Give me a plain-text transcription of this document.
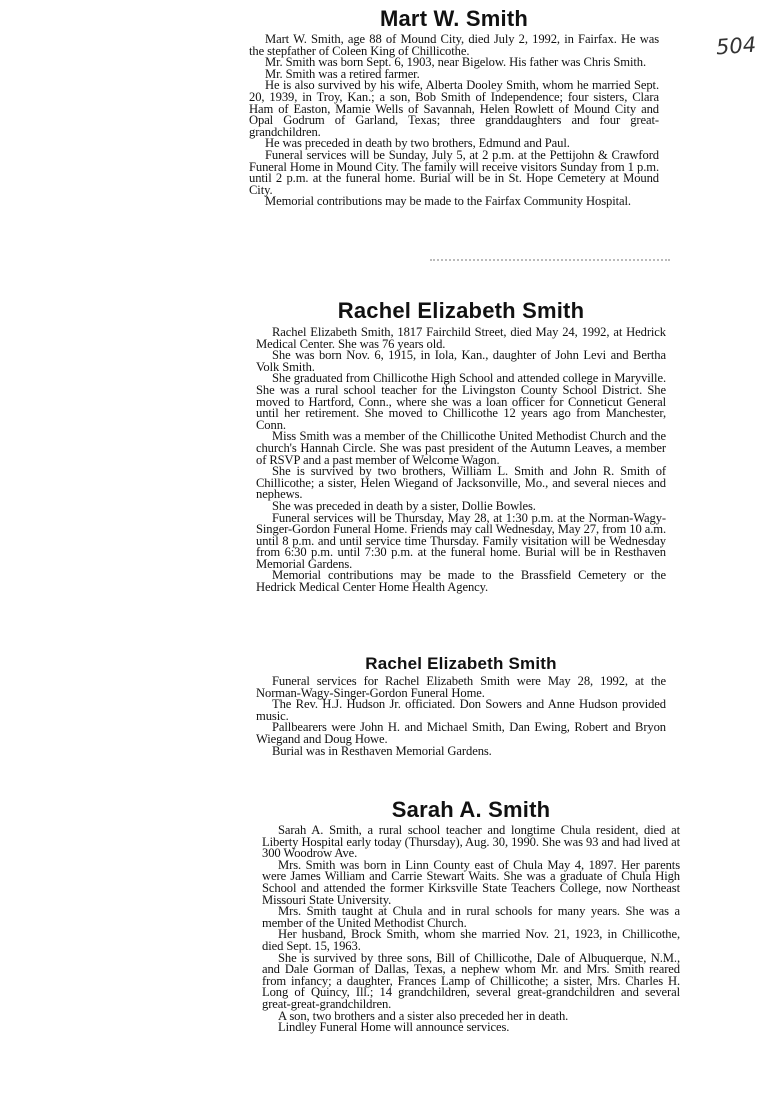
504
Mart W. Smith

Mart W. Smith, age 88 of Mound City, died July 2, 1992, in Fairfax. He was the stepfather of Coleen King of Chillicothe.

Mr. Smith was born Sept. 6, 1903, near Bigelow. His father was Chris Smith.

Mr. Smith was a retired farmer.

He is also survived by his wife, Alberta Dooley Smith, whom he married Sept. 20, 1939, in Troy, Kan.; a son, Bob Smith of Independence; four sisters, Clara Ham of Easton, Mamie Wells of Savannah, Helen Rowlett of Mound City and Opal Godrum of Garland, Texas; three granddaughters and four great-grandchildren.

He was preceded in death by two brothers, Edmund and Paul.

Funeral services will be Sunday, July 5, at 2 p.m. at the Pettijohn & Crawford Funeral Home in Mound City. The family will receive visitors Sunday from 1 p.m. until 2 p.m. at the funeral home. Burial will be in St. Hope Cemetery at Mound City.

Memorial contributions may be made to the Fairfax Community Hospital.

Rachel Elizabeth Smith

Rachel Elizabeth Smith, 1817 Fairchild Street, died May 24, 1992, at Hedrick Medical Center. She was 76 years old.

She was born Nov. 6, 1915, in Iola, Kan., daughter of John Levi and Bertha Volk Smith.

She graduated from Chillicothe High School and attended college in Maryville. She was a rural school teacher for the Livingston County School District. She moved to Hartford, Conn., where she was a loan officer for Conneticut General until her retirement. She moved to Chillicothe 12 years ago from Manchester, Conn.

Miss Smith was a member of the Chillicothe United Methodist Church and the church's Hannah Circle. She was past president of the Autumn Leaves, a member of RSVP and a past member of Welcome Wagon.

She is survived by two brothers, William L. Smith and John R. Smith of Chillicothe; a sister, Helen Wiegand of Jacksonville, Mo., and several nieces and nephews.

She was preceded in death by a sister, Dollie Bowles.

Funeral services will be Thursday, May 28, at 1:30 p.m. at the Norman-Wagy-Singer-Gordon Funeral Home. Friends may call Wednesday, May 27, from 10 a.m. until 8 p.m. and until service time Thursday. Family visitation will be Wednesday from 6:30 p.m. until 7:30 p.m. at the funeral home. Burial will be in Resthaven Memorial Gardens.

Memorial contributions may be made to the Brassfield Cemetery or the Hedrick Medical Center Home Health Agency.

Rachel Elizabeth Smith

Funeral services for Rachel Elizabeth Smith were May 28, 1992, at the Norman-Wagy-Singer-Gordon Funeral Home.

The Rev. H.J. Hudson Jr. officiated. Don Sowers and Anne Hudson provided music.

Pallbearers were John H. and Michael Smith, Dan Ewing, Robert and Bryon Wiegand and Doug Howe.

Burial was in Resthaven Memorial Gardens.

Sarah A. Smith

Sarah A. Smith, a rural school teacher and longtime Chula resident, died at Liberty Hospital early today (Thursday), Aug. 30, 1990. She was 93 and had lived at 300 Woodrow Ave.

Mrs. Smith was born in Linn County east of Chula May 4, 1897. Her parents were James William and Carrie Stewart Waits. She was a graduate of Chula High School and attended the former Kirksville State Teachers College, now Northeast Missouri State University.

Mrs. Smith taught at Chula and in rural schools for many years. She was a member of the United Methodist Church.

Her husband, Brock Smith, whom she married Nov. 21, 1923, in Chillicothe, died Sept. 15, 1963.

She is survived by three sons, Bill of Chillicothe, Dale of Albuquerque, N.M., and Dale Gorman of Dallas, Texas, a nephew whom Mr. and Mrs. Smith reared from infancy; a daughter, Frances Lamp of Chillicothe; a sister, Mrs. Charles H. Long of Quincy, Ill.; 14 grandchildren, several great-grandchildren and several great-great-grandchildren.

A son, two brothers and a sister also preceded her in death.

Lindley Funeral Home will announce services.
